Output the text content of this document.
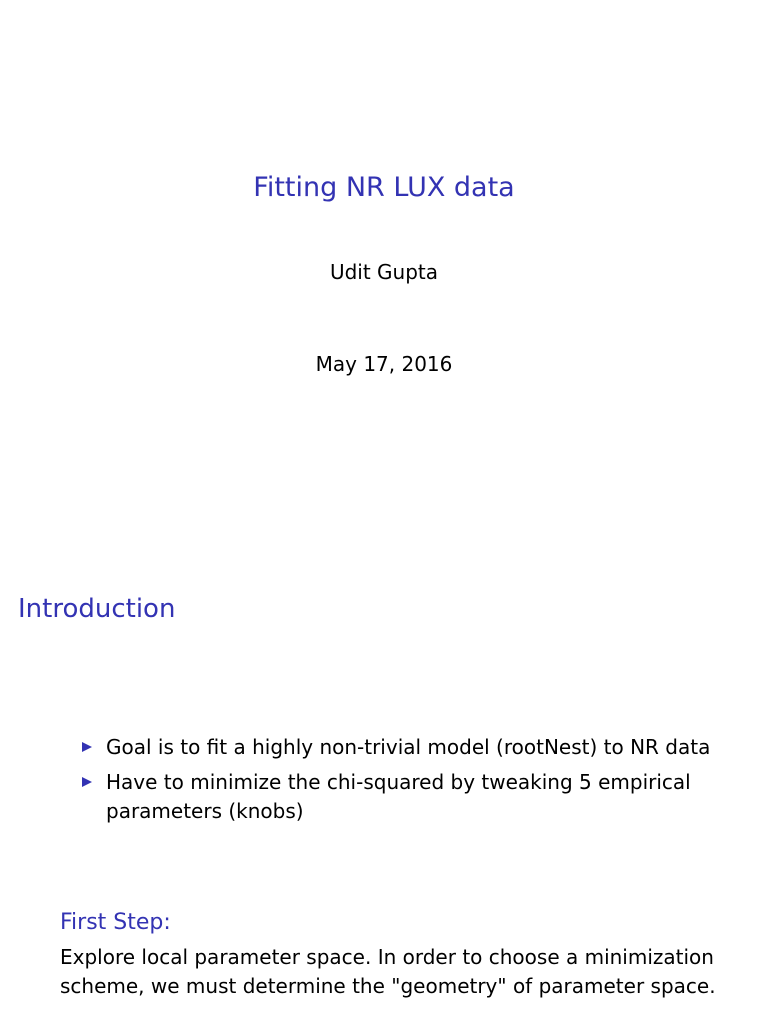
Fitting NR LUX data
Udit Gupta
May 17, 2016
Introduction
Goal is to fit a highly non-trivial model (rootNest) to NR data
Have to minimize the chi-squared by tweaking 5 empirical parameters (knobs)
First Step:
Explore local parameter space. In order to choose a minimization scheme, we must determine the "geometry" of parameter space.
